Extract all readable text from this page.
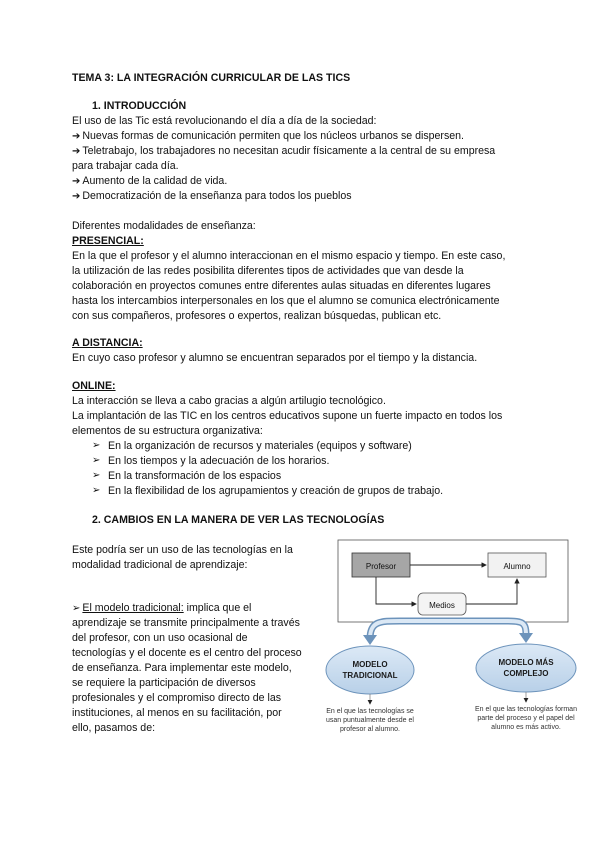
TEMA 3: LA INTEGRACIÓN CURRICULAR DE LAS TICS
1. INTRODUCCIÓN
El uso de las Tic está revolucionando el día a día de la sociedad:
➔ Nuevas formas de comunicación permiten que los núcleos urbanos se dispersen.
➔ Teletrabajo, los trabajadores no necesitan acudir físicamente a la central de su empresa
para trabajar cada día.
➔ Aumento de la calidad de vida.
➔ Democratización de la enseñanza para todos los pueblos
Diferentes modalidades de enseñanza:
PRESENCIAL:
En la que el profesor y el alumno interaccionan en el mismo espacio y tiempo. En este caso,
la utilización de las redes posibilita diferentes tipos de actividades que van desde la
colaboración en proyectos comunes entre diferentes aulas situadas en diferentes lugares
hasta los intercambios interpersonales en los que el alumno se comunica electrónicamente
con sus compañeros, profesores o expertos, realizan búsquedas, publican etc.
A DISTANCIA:
En cuyo caso profesor y alumno se encuentran separados por el tiempo y la distancia.
ONLINE:
La interacción se lleva a cabo gracias a algún artilugio tecnológico.
La implantación de las TIC en los centros educativos supone un fuerte impacto en todos los
elementos de su estructura organizativa:
➢ En la organización de recursos y materiales (equipos y software)
➢ En los tiempos y la adecuación de los horarios.
➢ En la transformación de los espacios
➢ En la flexibilidad de los agrupamientos y creación de grupos de trabajo.
2. CAMBIOS EN LA MANERA DE VER LAS TECNOLOGÍAS
Este podría ser un uso de las tecnologías en la
modalidad tradicional de aprendizaje:
➢ El modelo tradicional: implica que el
aprendizaje se transmite principalmente a través
del profesor, con un uso ocasional de
tecnologías y el docente es el centro del proceso
de enseñanza. Para implementar este modelo,
se requiere la participación de diversos
profesionales y el compromiso directo de las
instituciones, al menos en su facilitación, por
ello, pasamos de:
Profesor	Alumno
Medios
MODELO
TRADICIONAL
MODELO MÁS
COMPLEJO
En el que las tecnologías se
usan puntualmente desde el
profesor al alumno.
En el que las tecnologías forman
parte del proceso y el papel del
alumno es más activo.
